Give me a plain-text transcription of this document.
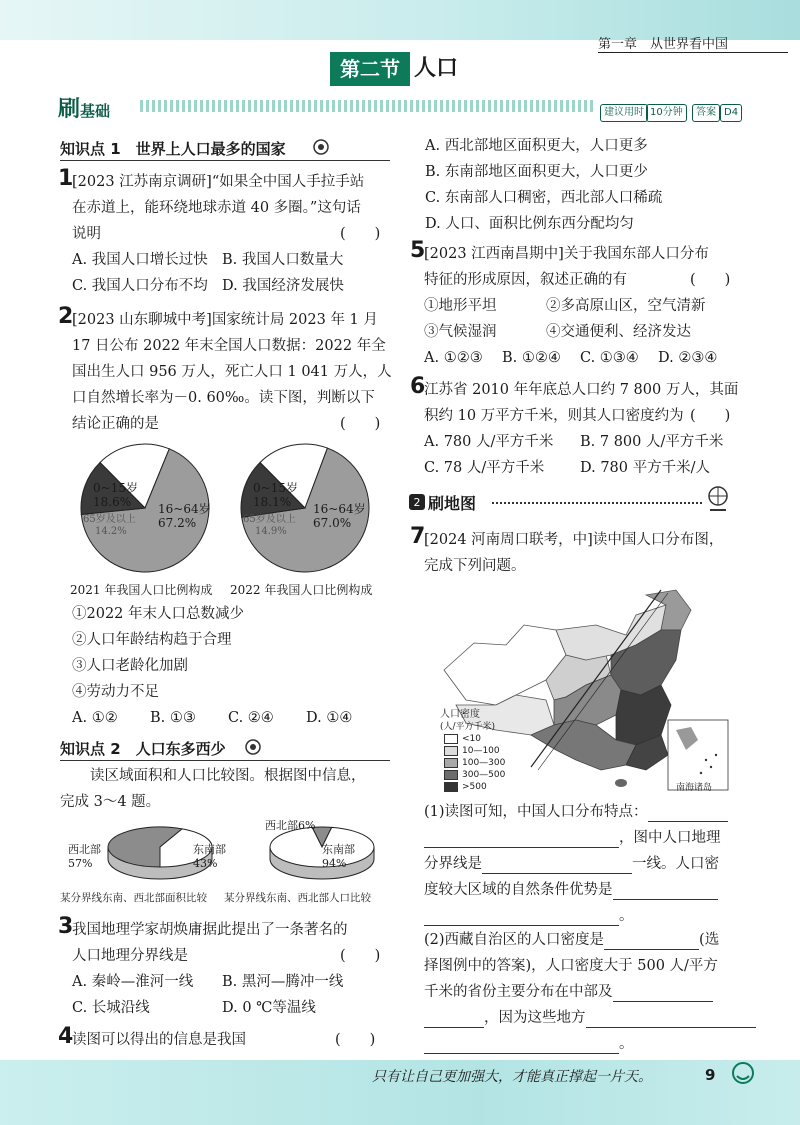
第一章　从世界看中国
第二节 人口
刷基础	建议用时 10分钟	答案 D4
知识点 1　世界上人口最多的国家
1
[2023 江苏南京调研]“如果全中国人手拉手站
在赤道上，能环绕地球赤道 40 多圈。”这句话
说明	(　　)
A. 我国人口增长过快 B. 我国人口数量大
C. 我国人口分布不均 D. 我国经济发展快
2
[2023 山东聊城中考]国家统计局 2023 年 1 月
17 日公布 2022 年末全国人口数据：2022 年全
国出生人口 956 万人，死亡人口 1 041 万人，人
口自然增长率为－0. 60‰。读下图，判断以下
结论正确的是	(　　)
0~15岁
18.6% 16~64岁
67.2%
65岁及以上
14.2%
2021 年我国人口比例构成
0~15岁
18.1% 16~64岁
67.0%
65岁及以上
14.9%
2022 年我国人口比例构成
①2022 年末人口总数减少
②人口年龄结构趋于合理
③人口老龄化加剧
④劳动力不足
A. ①② B. ①③ C. ②④ D. ①④
知识点 2　人口东多西少
读区域面积和人口比较图。根据图中信息，
完成 3～4 题。
西北部
57%
东南部
43%
西北部6%
东南部
94%
某分界线东南、西北部面积比较 某分界线东南、西北部人口比较
3
我国地理学家胡焕庸据此提出了一条著名的
人口地理分界线是	(　　)
A. 秦岭—淮河一线 B. 黑河—腾冲一线
C. 长城沿线	D. 0 ℃等温线
4
读图可以得出的信息是我国	(　　)
A. 西北部地区面积更大，人口更多
B. 东南部地区面积更大，人口更少
C. 东南部人口稠密，西北部人口稀疏
D. 人口、面积比例东西分配均匀
5
[2023 江西南昌期中]关于我国东部人口分布
特征的形成原因，叙述正确的有	(　　)
①地形平坦	②多高原山区，空气清新
③气候湿润	④交通便利、经济发达
A. ①②③ B. ①②④ C. ①③④ D. ②③④
6
江苏省 2010 年年底总人口约 7 800 万人，其面
积约 10 万平方千米，则其人口密度约为 (　　)
A. 780 人/平方千米 B. 7 800 人/平方千米
C. 78 人/平方千米 D. 780 平方千米/人
2 刷地图
7
[2024 河南周口联考，中]读中国人口分布图，
完成下列问题。
南海诸岛
人口密度
(人/平方千米)
<10
10—100
100—300
300—500
>500
(1)读图可知，中国人口分布特点：
，图中人口地理
分界线是	一线。人口密
度较大区域的自然条件优势是
。
(2)西藏自治区的人口密度是	(选
择图例中的答案)，人口密度大于 500 人/平方
千米的省份主要分布在中部及
，因为这些地方
。
只有让自己更加强大，才能真正撑起一片天。	9
